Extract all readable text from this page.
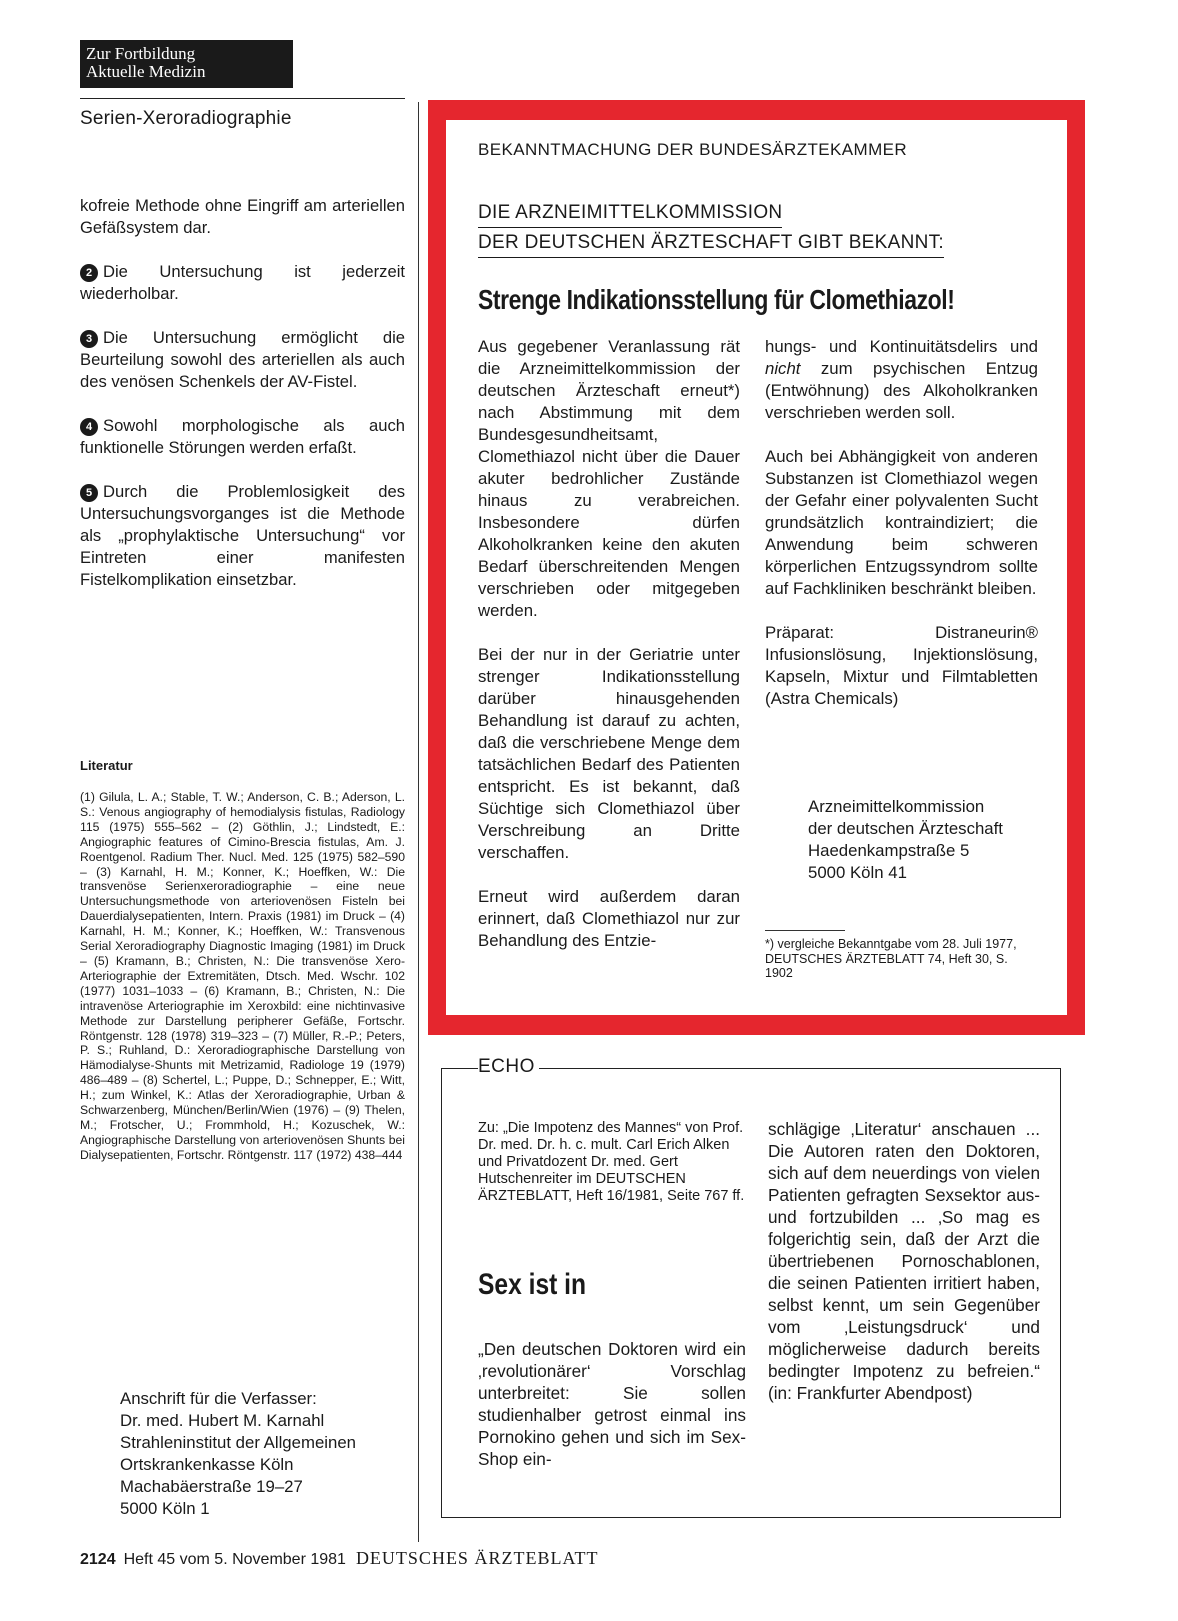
Zur Fortbildung
Aktuelle Medizin
Serien-Xeroradiographie

kofreie Methode ohne Eingriff am arteriellen Gefäßsystem dar.

2 Die Untersuchung ist jederzeit wiederholbar.

3 Die Untersuchung ermöglicht die Beurteilung sowohl des arteriellen als auch des venösen Schenkels der AV-Fistel.

4 Sowohl morphologische als auch funktionelle Störungen werden erfaßt.

5 Durch die Problemlosigkeit des Untersuchungsvorganges ist die Methode als „prophylaktische Untersuchung“ vor Eintreten einer manifesten Fistelkomplikation einsetzbar.

Literatur
(1) Gilula, L. A.; Stable, T. W.; Anderson, C. B.; Aderson, L. S.: Venous angiography of hemodialysis fistulas, Radiology 115 (1975) 555–562 – (2) Göthlin, J.; Lindstedt, E.: Angiographic features of Cimino-Brescia fistulas, Am. J. Roentgenol. Radium Ther. Nucl. Med. 125 (1975) 582–590 – (3) Karnahl, H. M.; Konner, K.; Hoeffken, W.: Die transvenöse Serienxeroradiographie – eine neue Untersuchungsmethode von arteriovenösen Fisteln bei Dauerdialysepatienten, Intern. Praxis (1981) im Druck – (4) Karnahl, H. M.; Konner, K.; Hoeffken, W.: Transvenous Serial Xeroradiography Diagnostic Imaging (1981) im Druck – (5) Kramann, B.; Christen, N.: Die transvenöse Xero-Arteriographie der Extremitäten, Dtsch. Med. Wschr. 102 (1977) 1031–1033 – (6) Kramann, B.; Christen, N.: Die intravenöse Arteriographie im Xeroxbild: eine nichtinvasive Methode zur Darstellung peripherer Gefäße, Fortschr. Röntgenstr. 128 (1978) 319–323 – (7) Müller, R.-P.; Peters, P. S.; Ruhland, D.: Xeroradiographische Darstellung von Hämodialyse-Shunts mit Metrizamid, Radiologe 19 (1979) 486–489 – (8) Schertel, L.; Puppe, D.; Schnepper, E.; Witt, H.; zum Winkel, K.: Atlas der Xeroradiographie, Urban & Schwarzenberg, München/Berlin/Wien (1976) – (9) Thelen, M.; Frotscher, U.; Frommhold, H.; Kozuschek, W.: Angiographische Darstellung von arteriovenösen Shunts bei Dialysepatienten, Fortschr. Röntgenstr. 117 (1972) 438–444
Anschrift für die Verfasser:
Dr. med. Hubert M. Karnahl
Strahleninstitut der Allgemeinen
Ortskrankenkasse Köln
Machabäerstraße 19–27
5000 Köln 1
2124 Heft 45 vom 5. November 1981 DEUTSCHES ÄRZTEBLATT
BEKANNTMACHUNG DER BUNDESÄRZTEKAMMER
DIE ARZNEIMITTELKOMMISSION
DER DEUTSCHEN ÄRZTESCHAFT GIBT BEKANNT:
Strenge Indikationsstellung für Clomethiazol!

Aus gegebener Veranlassung rät die Arzneimittelkommission der deutschen Ärzteschaft erneut*) nach Abstimmung mit dem Bundesgesundheitsamt, Clomethiazol nicht über die Dauer akuter bedrohlicher Zustände hinaus zu verabreichen. Insbesondere dürfen Alkoholkranken keine den akuten Bedarf überschreitenden Mengen verschrieben oder mitgegeben werden.

Bei der nur in der Geriatrie unter strenger Indikationsstellung darüber hinausgehenden Behandlung ist darauf zu achten, daß die verschriebene Menge dem tatsächlichen Bedarf des Patienten entspricht. Es ist bekannt, daß Süchtige sich Clomethiazol über Verschreibung an Dritte verschaffen.

Erneut wird außerdem daran erinnert, daß Clomethiazol nur zur Behandlung des Entzie-

hungs- und Kontinuitätsdelirs und nicht zum psychischen Entzug (Entwöhnung) des Alkoholkranken verschrieben werden soll.

Auch bei Abhängigkeit von anderen Substanzen ist Clomethiazol wegen der Gefahr einer polyvalenten Sucht grundsätzlich kontraindiziert; die Anwendung beim schweren körperlichen Entzugssyndrom sollte auf Fachkliniken beschränkt bleiben.

Präparat: Distraneurin® Infusionslösung, Injektionslösung, Kapseln, Mixtur und Filmtabletten (Astra Chemicals)

Arzneimittelkommission
der deutschen Ärzteschaft
Haedenkampstraße 5
5000 Köln 41
*) vergleiche Bekanntgabe vom 28. Juli 1977, DEUTSCHES ÄRZTEBLATT 74, Heft 30, S. 1902
ECHO
Zu: „Die Impotenz des Mannes“ von Prof. Dr. med. Dr. h. c. mult. Carl Erich Alken und Privatdozent Dr. med. Gert Hutschenreiter im DEUTSCHEN ÄRZTEBLATT, Heft 16/1981, Seite 767 ff.
Sex ist in
„Den deutschen Doktoren wird ein ‚revolutionärer‘ Vorschlag unterbreitet: Sie sollen studienhalber getrost einmal ins Pornokino gehen und sich im Sex-Shop ein-
schlägige ‚Literatur‘ anschauen ... Die Autoren raten den Doktoren, sich auf dem neuerdings von vielen Patienten gefragten Sexsektor aus- und fortzubilden ... ‚So mag es folgerichtig sein, daß der Arzt die übertriebenen Pornoschablonen, die seinen Patienten irritiert haben, selbst kennt, um sein Gegenüber vom ‚Leistungsdruck‘ und möglicherweise dadurch bereits bedingter Impotenz zu befreien.“ (in: Frankfurter Abendpost)
